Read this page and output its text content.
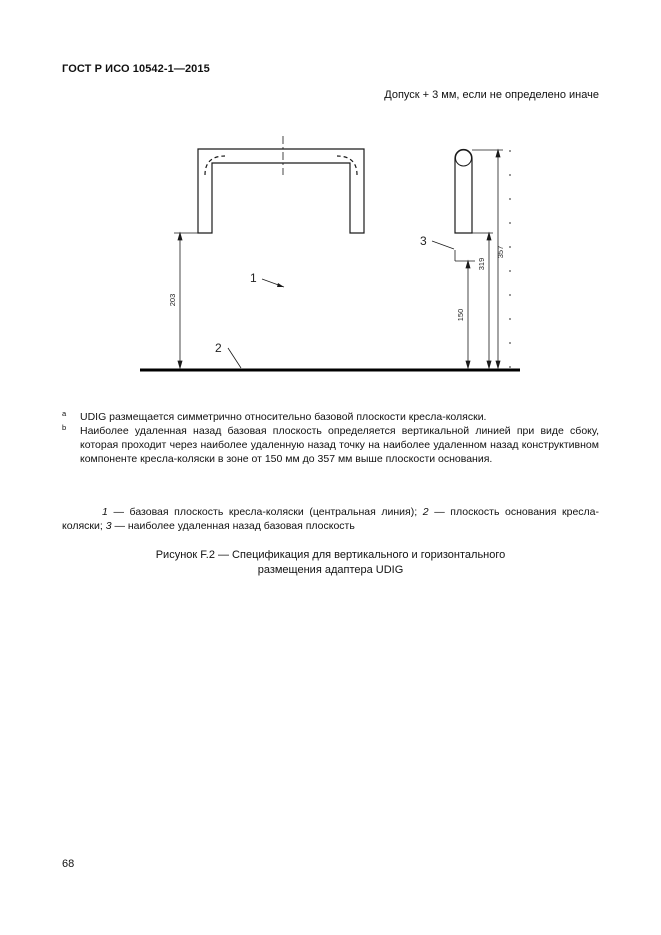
ГОСТ Р ИСО 10542-1—2015
Допуск + 3 мм, если не определено иначе
203
150
319
357
1
2
3
a	UDIG размещается симметрично относительно базовой плоскости кресла-коляски.
b	Наиболее удаленная назад базовая плоскость определяется вертикальной линией при виде сбоку, которая проходит через наиболее удаленную назад точку на наиболее удаленном назад конструктивном компоненте кресла-коляски в зоне от 150 мм до 357 мм выше плоскости основания.
1 — базовая плоскость кресла-коляски (центральная линия); 2 — плоскость основания кресла-коляски; 3 — наиболее удаленная назад базовая плоскость
Рисунок F.2 — Спецификация для вертикального и горизонтального
размещения адаптера UDIG
68
